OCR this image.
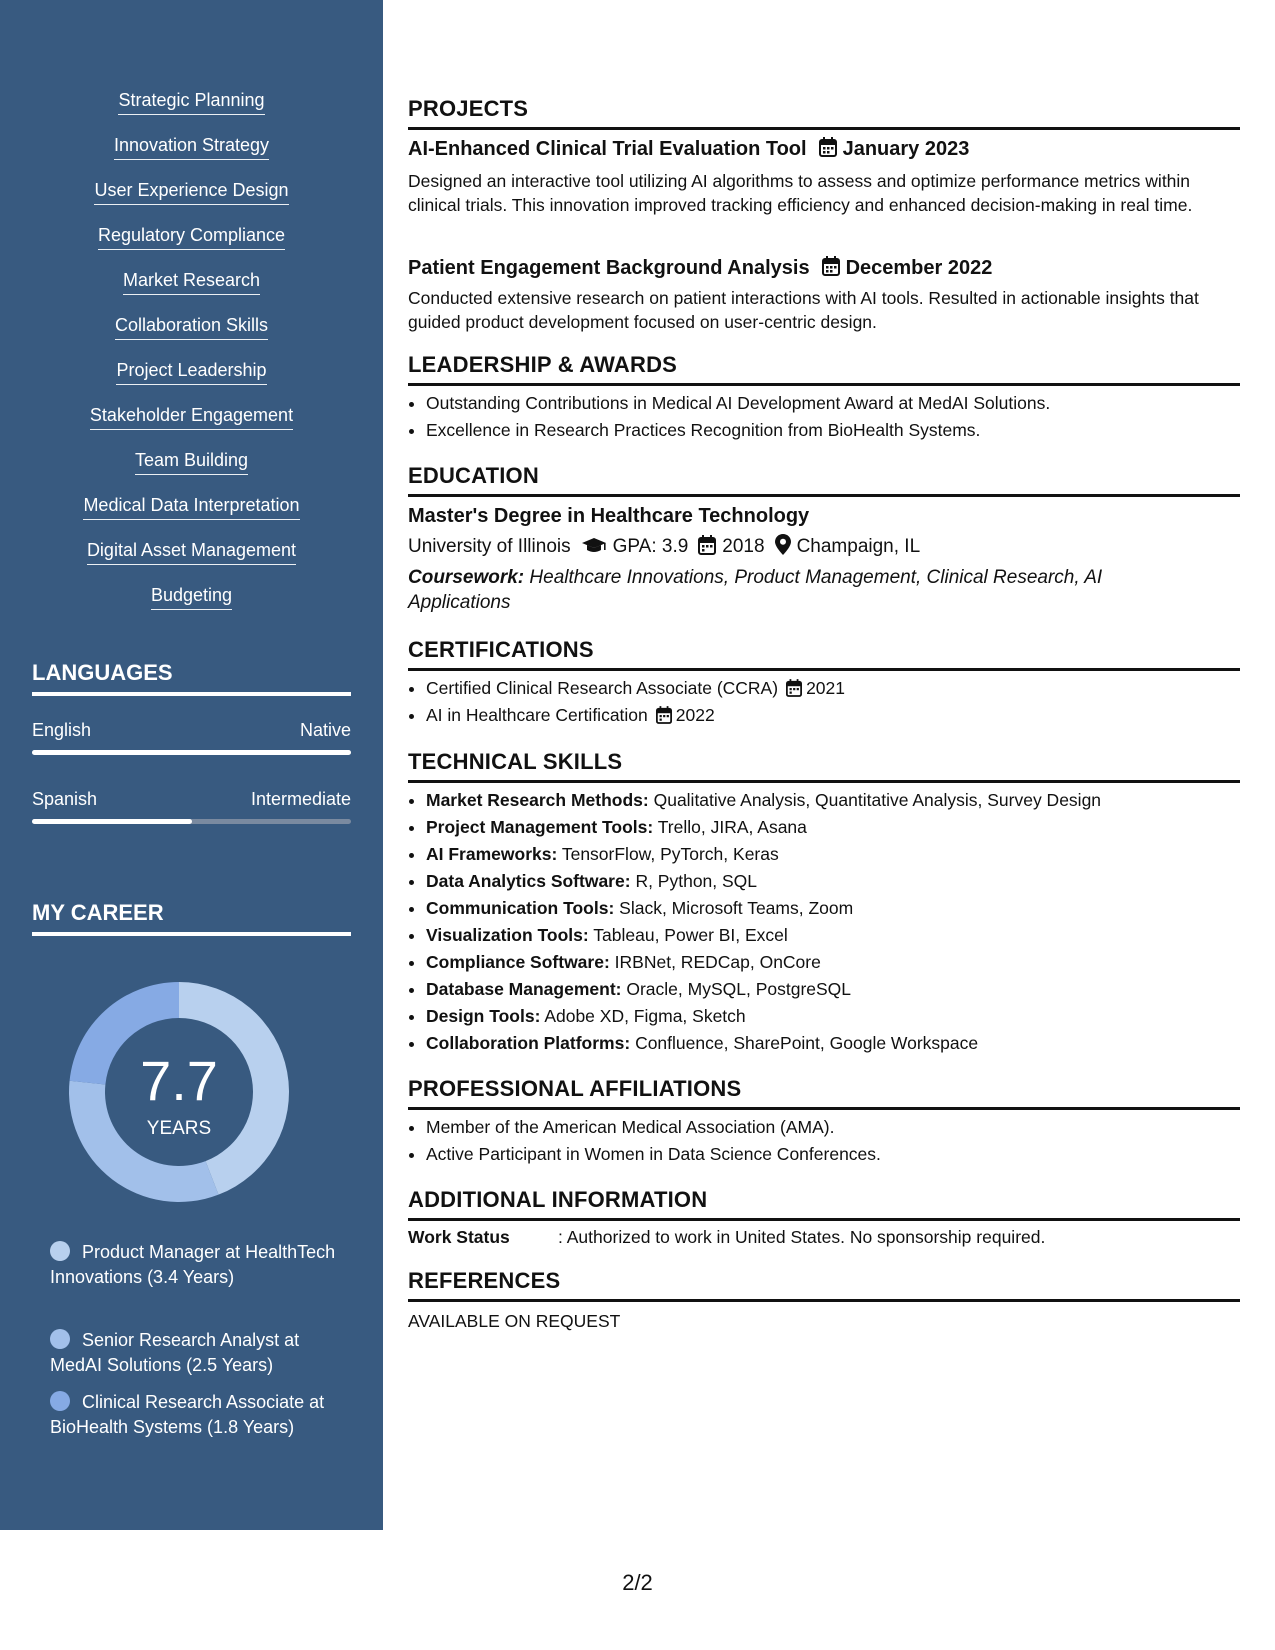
Strategic Planning
Innovation Strategy
User Experience Design
Regulatory Compliance
Market Research
Collaboration Skills
Project Leadership
Stakeholder Engagement
Team Building
Medical Data Interpretation
Digital Asset Management
Budgeting
LANGUAGES
English	Native
Spanish	Intermediate
MY CAREER
7.7
YEARS
Product Manager at HealthTech Innovations (3.4 Years)
Senior Research Analyst at MedAI Solutions (2.5 Years)
Clinical Research Associate at BioHealth Systems (1.8 Years)
PROJECTS
AI-Enhanced Clinical Trial Evaluation Tool January 2023
Designed an interactive tool utilizing AI algorithms to assess and optimize performance metrics within clinical trials. This innovation improved tracking efficiency and enhanced decision-making in real time.
Patient Engagement Background Analysis December 2022
Conducted extensive research on patient interactions with AI tools. Resulted in actionable insights that guided product development focused on user-centric design.
LEADERSHIP & AWARDS
• Outstanding Contributions in Medical AI Development Award at MedAI Solutions.
• Excellence in Research Practices Recognition from BioHealth Systems.
EDUCATION
Master's Degree in Healthcare Technology
University of Illinois GPA: 3.9 2018 Champaign, IL
Coursework: Healthcare Innovations, Product Management, Clinical Research, AI Applications
CERTIFICATIONS
• Certified Clinical Research Associate (CCRA) 2021
• AI in Healthcare Certification 2022
TECHNICAL SKILLS
• Market Research Methods: Qualitative Analysis, Quantitative Analysis, Survey Design
• Project Management Tools: Trello, JIRA, Asana
• AI Frameworks: TensorFlow, PyTorch, Keras
• Data Analytics Software: R, Python, SQL
• Communication Tools: Slack, Microsoft Teams, Zoom
• Visualization Tools: Tableau, Power BI, Excel
• Compliance Software: IRBNet, REDCap, OnCore
• Database Management: Oracle, MySQL, PostgreSQL
• Design Tools: Adobe XD, Figma, Sketch
• Collaboration Platforms: Confluence, SharePoint, Google Workspace
PROFESSIONAL AFFILIATIONS
• Member of the American Medical Association (AMA).
• Active Participant in Women in Data Science Conferences.
ADDITIONAL INFORMATION
Work Status	: Authorized to work in United States. No sponsorship required.
REFERENCES
AVAILABLE ON REQUEST
2/2
